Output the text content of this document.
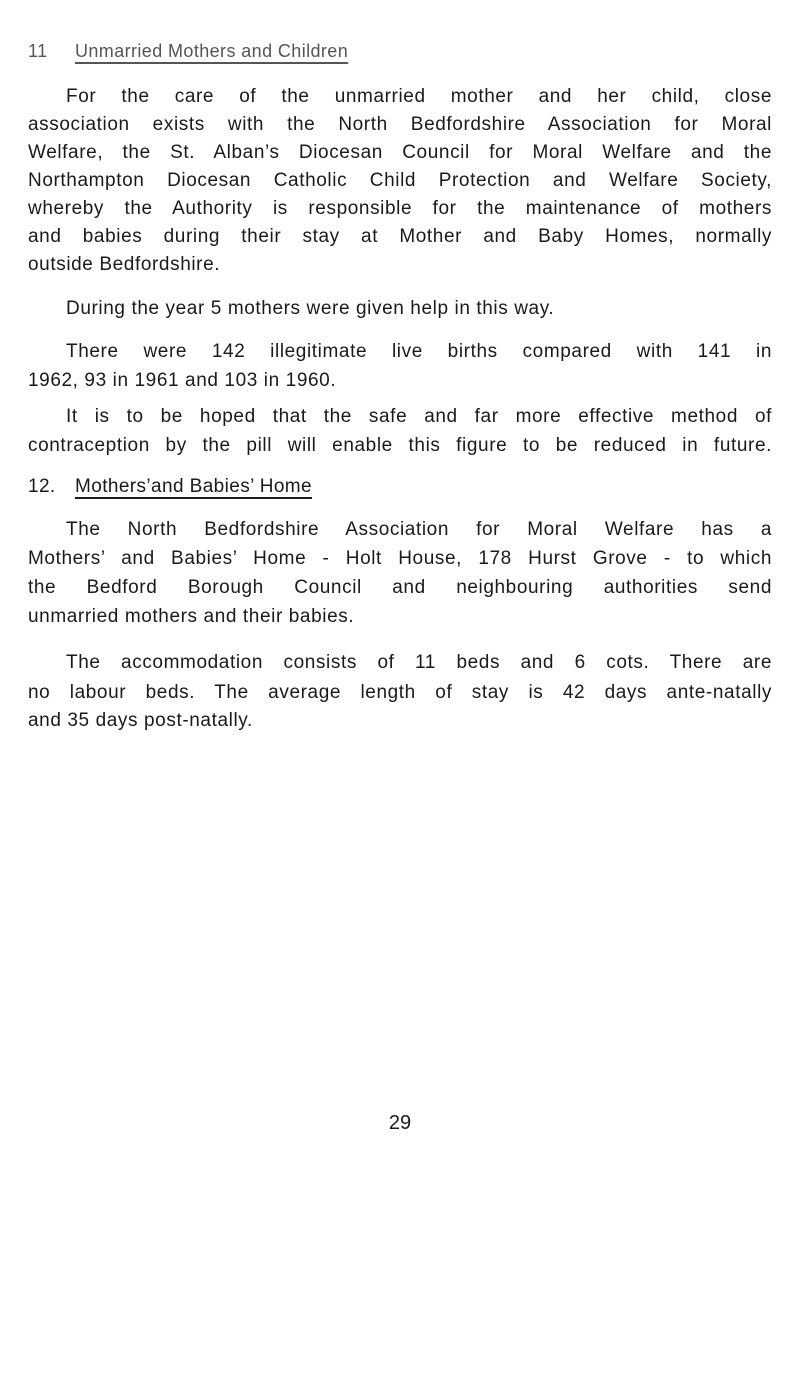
11 Unmarried Mothers and Children
For the care of the unmarried mother and her child, close
association exists with the North Bedfordshire Association for Moral
Welfare, the St. Alban’s Diocesan Council for Moral Welfare and the
Northampton Diocesan Catholic Child Protection and Welfare Society,
whereby the Authority is responsible for the maintenance of mothers
and babies during their stay at Mother and Baby Homes, normally
outside Bedfordshire.
During the year 5 mothers were given help in this way.
There were 142 illegitimate live births compared with 141 in
1962, 93 in 1961 and 103 in 1960.
It is to be hoped that the safe and far more effective method of
contraception by the pill will enable this figure to be reduced in future.
12. Mothers’and Babies’ Home
The North Bedfordshire Association for Moral Welfare has a
Mothers’ and Babies’ Home - Holt House, 178 Hurst Grove - to which
the Bedford Borough Council and neighbouring authorities send
unmarried mothers and their babies.
The accommodation consists of 11 beds and 6 cots. There are
no labour beds. The average length of stay is 42 days ante-natally
and 35 days post-natally.
29
